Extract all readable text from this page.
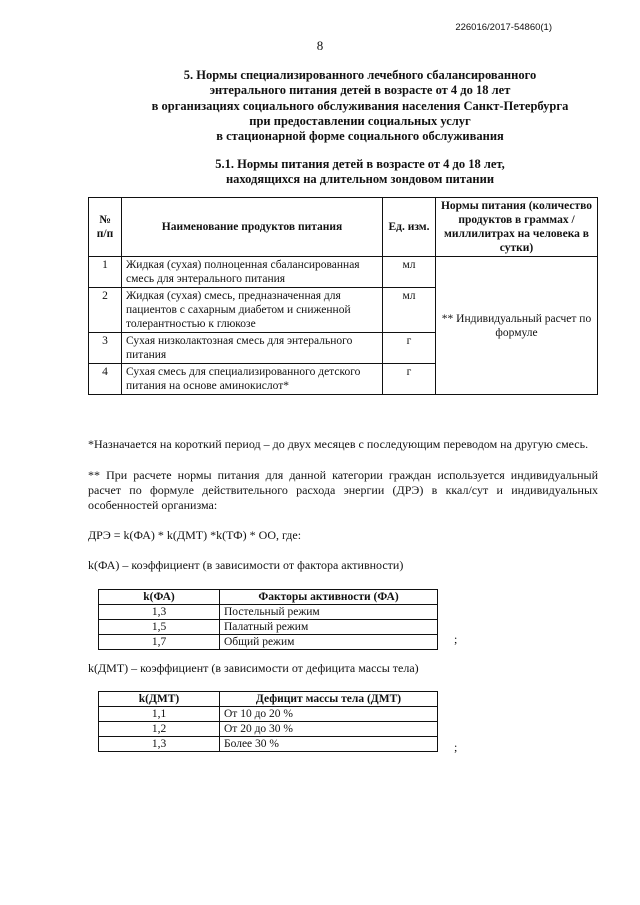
226016/2017-54860(1)
8
5. Нормы специализированного лечебного сбалансированного
энтерального питания детей в возрасте от 4 до 18 лет
в организациях социального обслуживания населения Санкт-Петербурга
при предоставлении социальных услуг
в стационарной форме социального обслуживания
5.1. Нормы питания детей в возрасте от 4 до 18 лет,
находящихся на длительном зондовом питании
№ п/п	Наименование продуктов питания	Ед. изм.	Нормы питания (количество продуктов в граммах / миллилитрах на человека в сутки)
1	Жидкая (сухая) полноценная сбалансированная смесь для энтерального питания	мл	** Индивидуальный расчет по формуле
2	Жидкая (сухая) смесь, предназначенная для пациентов с сахарным диабетом и сниженной толерантностью к глюкозе	мл	
3	Сухая низколактозная смесь для энтерального питания	г	
4	Сухая смесь для специализированного детского питания на основе аминокислот*	г	
*Назначается на короткий период – до двух месяцев с последующим переводом на другую смесь.
** При расчете нормы питания для данной категории граждан используется индивидуальный расчет по формуле действительного расхода энергии (ДРЭ) в ккал/сут и индивидуальных особенностей организма:
ДРЭ = k(ФА) * k(ДМТ) *k(ТФ) * ОО, где:
k(ФА) – коэффициент (в зависимости от фактора активности)
k(ФА)	Факторы активности (ФА)
1,3	Постельный режим
1,5	Палатный режим
1,7	Общий режим	;
k(ДМТ) – коэффициент (в зависимости от дефицита массы тела)
k(ДМТ)	Дефицит массы тела (ДМТ)
1,1	От 10 до 20 %
1,2	От 20 до 30 %
1,3	Более 30 %	;
